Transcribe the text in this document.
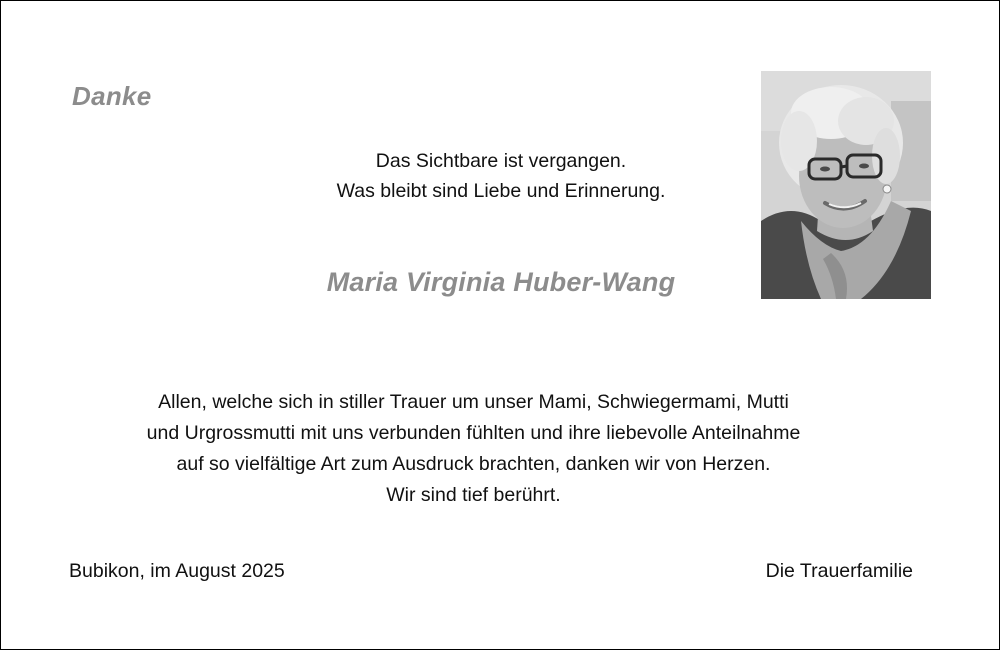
Danke
Das Sichtbare ist vergangen.
Was bleibt sind Liebe und Erinnerung.
Maria Virginia Huber-Wang
Allen, welche sich in stiller Trauer um unser Mami, Schwiegermami, Mutti
und Urgrossmutti mit uns verbunden fühlten und ihre liebevolle Anteilnahme
auf so vielfältige Art zum Ausdruck brachten, danken wir von Herzen.
Wir sind tief berührt.
Bubikon, im August 2025	Die Trauerfamilie
